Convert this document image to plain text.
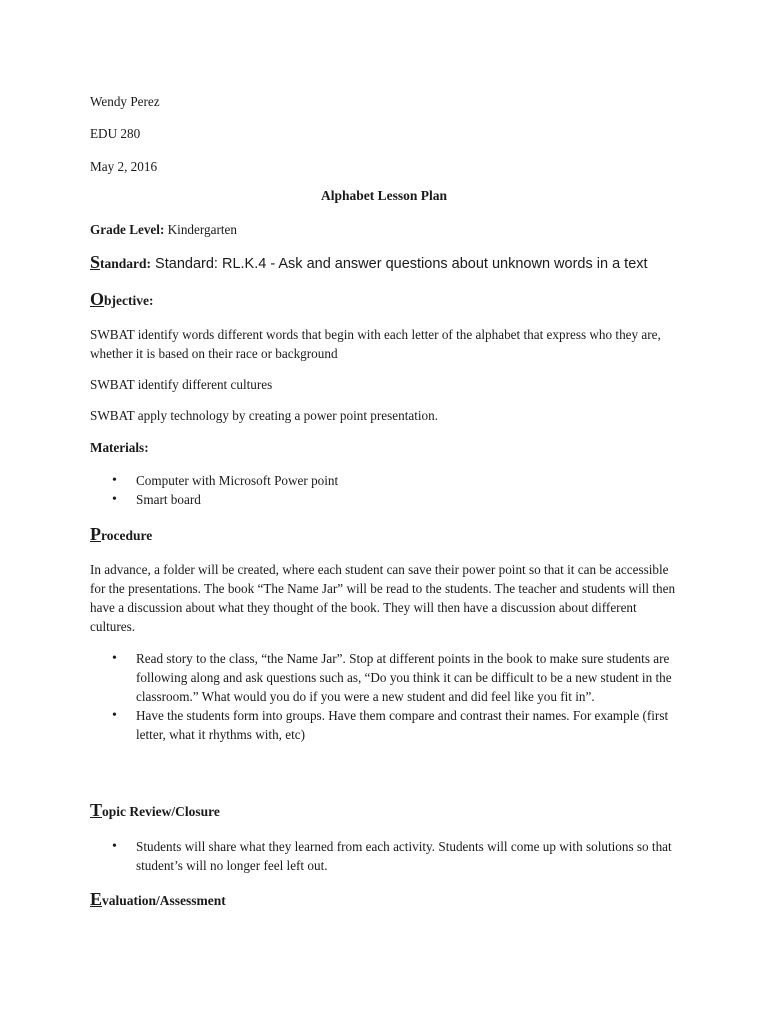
Wendy Perez
EDU 280
May 2, 2016
Alphabet Lesson Plan
Grade Level: Kindergarten
Standard: Standard: RL.K.4 - Ask and answer questions about unknown words in a text
Objective:
SWBAT identify words different words that begin with each letter of the alphabet that express who they are, whether it is based on their race or background
SWBAT identify different cultures
SWBAT apply technology by creating a power point presentation.
Materials:
• Computer with Microsoft Power point
• Smart board
Procedure
In advance, a folder will be created, where each student can save their power point so that it can be accessible for the presentations. The book “The Name Jar” will be read to the students. The teacher and students will then have a discussion about what they thought of the book. They will then have a discussion about different cultures.
• Read story to the class, “the Name Jar”. Stop at different points in the book to make sure students are following along and ask questions such as, “Do you think it can be difficult to be a new student in the classroom.” What would you do if you were a new student and did feel like you fit in”.
• Have the students form into groups. Have them compare and contrast their names. For example (first letter, what it rhythms with, etc)
Topic Review/Closure
• Students will share what they learned from each activity. Students will come up with solutions so that student’s will no longer feel left out.
Evaluation/Assessment
